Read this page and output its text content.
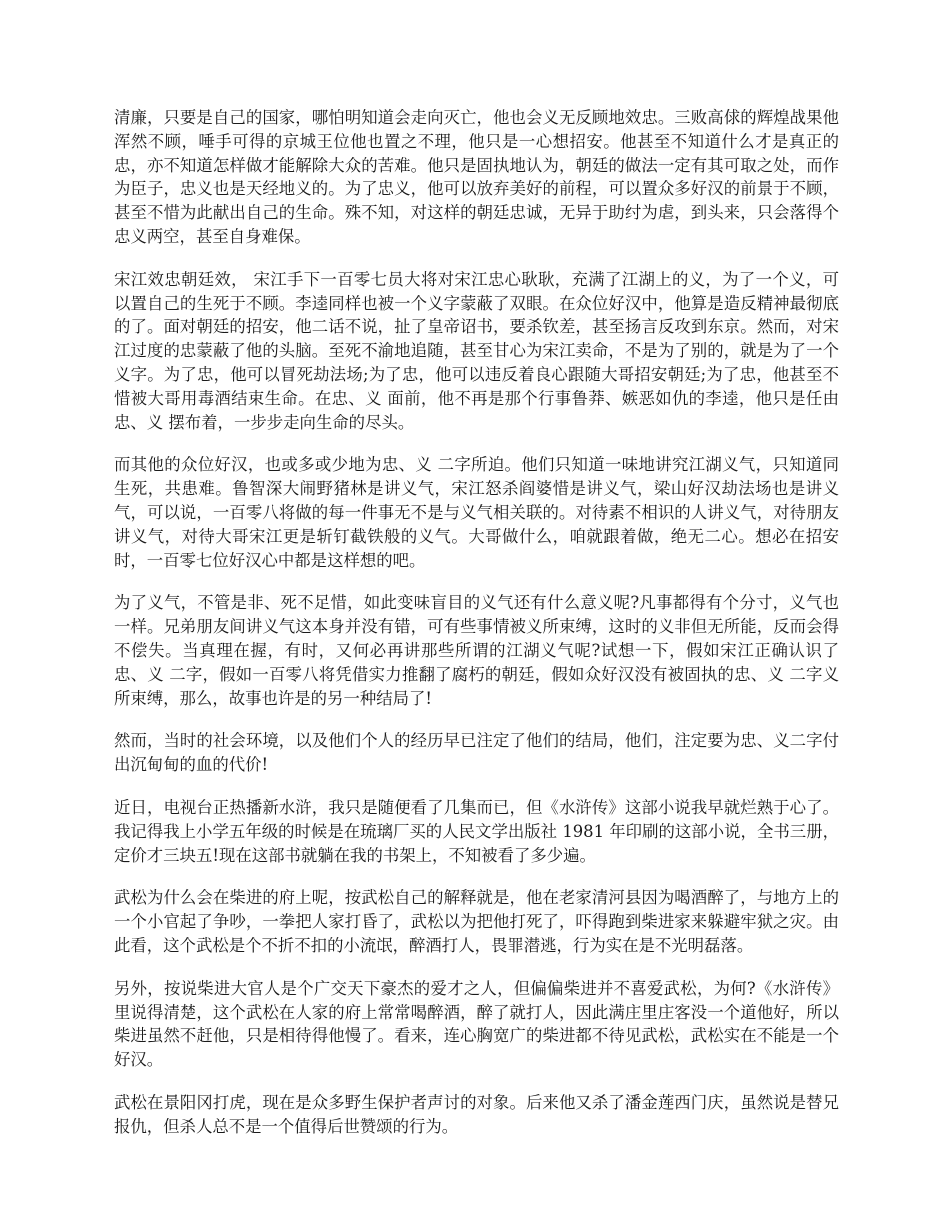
清廉，只要是自己的国家，哪怕明知道会走向灭亡，他也会义无反顾地效忠。三败高俅的辉煌战果他浑然不顾，唾手可得的京城王位他也置之不理，他只是一心想招安。他甚至不知道什么才是真正的忠，亦不知道怎样做才能解除大众的苦难。他只是固执地认为，朝廷的做法一定有其可取之处，而作为臣子，忠义也是天经地义的。为了忠义，他可以放弃美好的前程，可以置众多好汉的前景于不顾，甚至不惜为此献出自己的生命。殊不知，对这样的朝廷忠诚，无异于助纣为虐，到头来，只会落得个忠义两空，甚至自身难保。

宋江效忠朝廷效， 宋江手下一百零七员大将对宋江忠心耿耿，充满了江湖上的义，为了一个义，可以置自己的生死于不顾。李逵同样也被一个义字蒙蔽了双眼。在众位好汉中，他算是造反精神最彻底的了。面对朝廷的招安，他二话不说，扯了皇帝诏书，要杀钦差，甚至扬言反攻到东京。然而，对宋江过度的忠蒙蔽了他的头脑。至死不渝地追随，甚至甘心为宋江卖命，不是为了别的，就是为了一个义字。为了忠，他可以冒死劫法场;为了忠，他可以违反着良心跟随大哥招安朝廷;为了忠，他甚至不惜被大哥用毒酒结束生命。在忠、义 面前，他不再是那个行事鲁莽、嫉恶如仇的李逵，他只是任由忠、义 摆布着，一步步走向生命的尽头。

而其他的众位好汉，也或多或少地为忠、义 二字所迫。他们只知道一味地讲究江湖义气，只知道同生死，共患难。鲁智深大闹野猪林是讲义气，宋江怒杀阎婆惜是讲义气，梁山好汉劫法场也是讲义气，可以说，一百零八将做的每一件事无不是与义气相关联的。对待素不相识的人讲义气，对待朋友讲义气，对待大哥宋江更是斩钉截铁般的义气。大哥做什么，咱就跟着做，绝无二心。想必在招安时，一百零七位好汉心中都是这样想的吧。

为了义气，不管是非、死不足惜，如此变味盲目的义气还有什么意义呢?凡事都得有个分寸，义气也一样。兄弟朋友间讲义气这本身并没有错，可有些事情被义所束缚，这时的义非但无所能，反而会得不偿失。当真理在握，有时，又何必再讲那些所谓的江湖义气呢?试想一下，假如宋江正确认识了忠、义 二字，假如一百零八将凭借实力推翻了腐朽的朝廷，假如众好汉没有被固执的忠、义 二字义所束缚，那么，故事也许是的另一种结局了!

然而，当时的社会环境，以及他们个人的经历早已注定了他们的结局，他们，注定要为忠、义二字付出沉甸甸的血的代价!

近日，电视台正热播新水浒，我只是随便看了几集而已，但《水浒传》这部小说我早就烂熟于心了。我记得我上小学五年级的时候是在琉璃厂买的人民文学出版社 1981 年印刷的这部小说，全书三册，定价才三块五!现在这部书就躺在我的书架上，不知被看了多少遍。

武松为什么会在柴进的府上呢，按武松自己的解释就是，他在老家清河县因为喝酒醉了，与地方上的一个小官起了争吵，一拳把人家打昏了，武松以为把他打死了，吓得跑到柴进家来躲避牢狱之灾。由此看，这个武松是个不折不扣的小流氓，醉酒打人，畏罪潜逃，行为实在是不光明磊落。

另外，按说柴进大官人是个广交天下豪杰的爱才之人，但偏偏柴进并不喜爱武松，为何?《水浒传》里说得清楚，这个武松在人家的府上常常喝醉酒，醉了就打人，因此满庄里庄客没一个道他好，所以柴进虽然不赶他，只是相待得他慢了。看来，连心胸宽广的柴进都不待见武松，武松实在不能是一个好汉。

武松在景阳冈打虎，现在是众多野生保护者声讨的对象。后来他又杀了潘金莲西门庆，虽然说是替兄报仇，但杀人总不是一个值得后世赞颂的行为。
